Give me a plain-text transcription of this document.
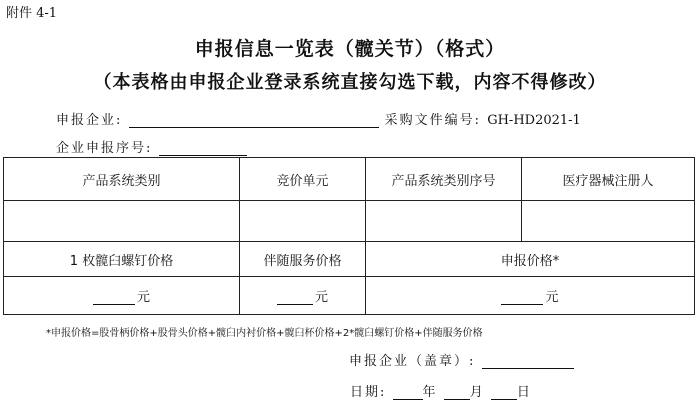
附件 4-1
申报信息一览表（髋关节）（格式）
（本表格由申报企业登录系统直接勾选下载，内容不得修改）
申报企业:	采购文件编号: GH-HD2021-1
企业申报序号:
产品系统类别	竞价单元	产品系统类别序号	医疗器械注册人

1 枚髋臼螺钉价格	伴随服务价格	申报价格*	
元	元	元	
*申报价格=股骨柄价格+股骨头价格+髋臼内衬价格+髋臼杯价格+2*髋臼螺钉价格+伴随服务价格
申报企业（盖章）:
日期:	年 月 日
